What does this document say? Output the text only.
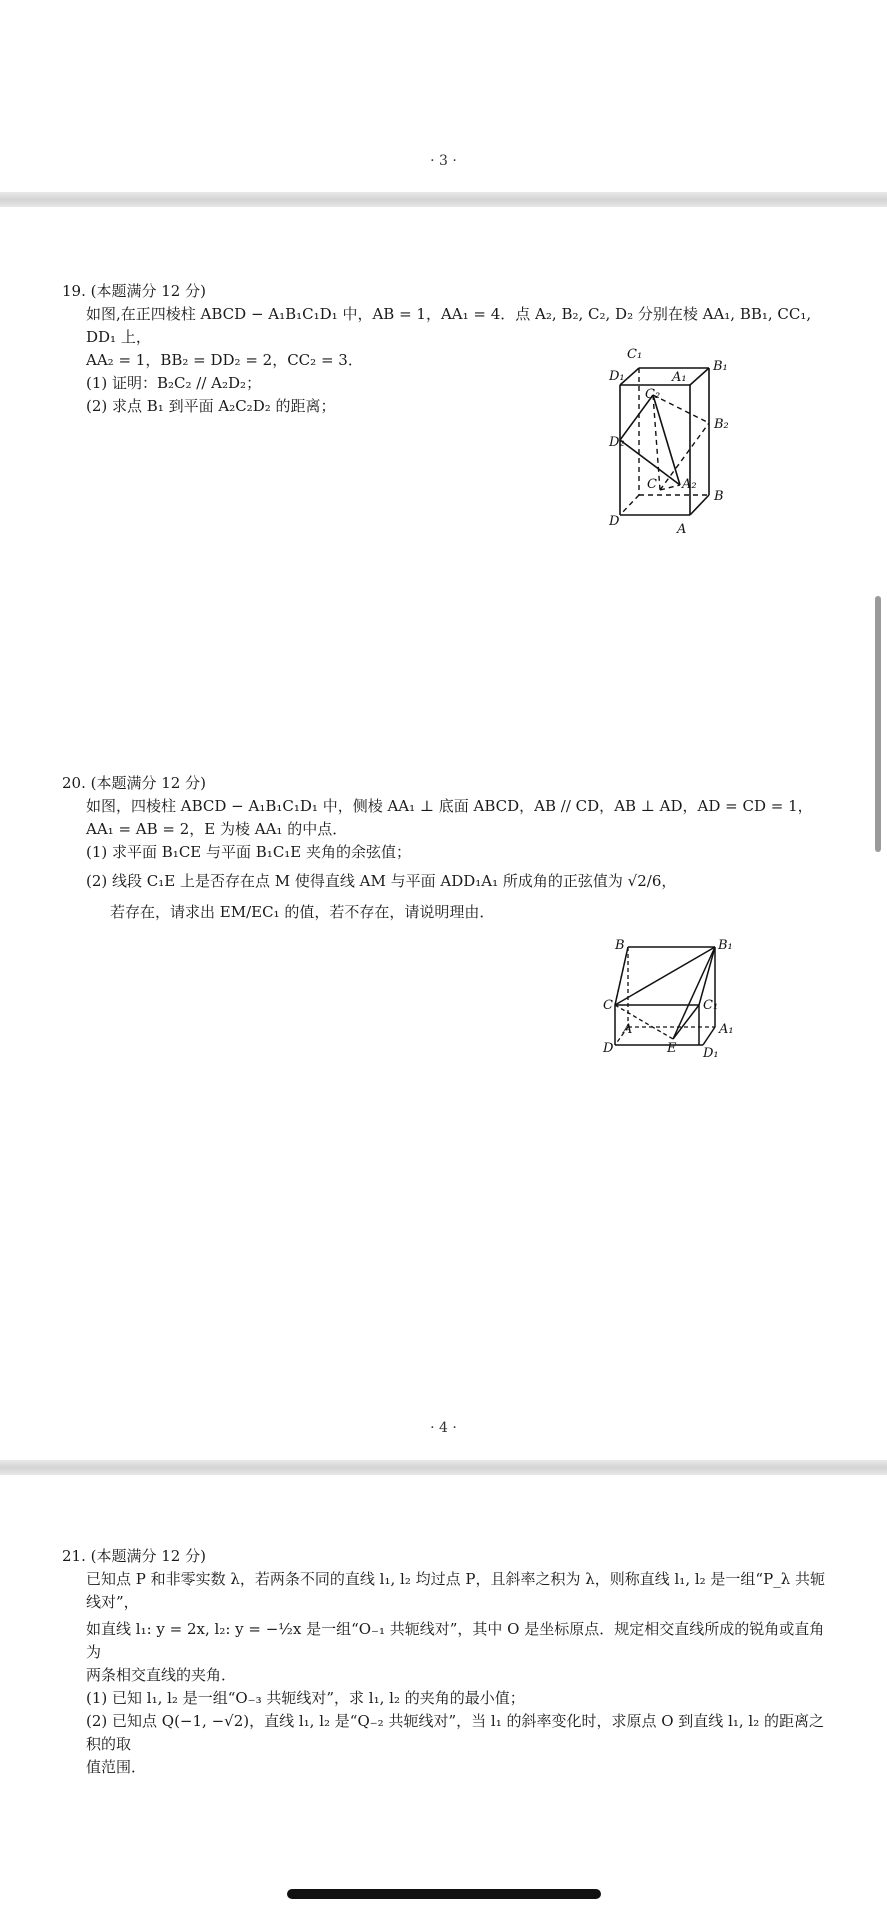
· 3 ·
19. (本题满分 12 分)
如图,在正四棱柱 ABCD − A₁B₁C₁D₁ 中，AB = 1，AA₁ = 4．点 A₂, B₂, C₂, D₂ 分别在棱 AA₁, BB₁, CC₁, DD₁ 上，
AA₂ = 1，BB₂ = DD₂ = 2，CC₂ = 3．
(1) 证明：B₂C₂ // A₂D₂；
(2) 求点 B₁ 到平面 A₂C₂D₂ 的距离；
C₁
B₁
D₁	A₁
C₂
B₂
D₂
C A₂
B
D
A
20. (本题满分 12 分)
如图，四棱柱 ABCD − A₁B₁C₁D₁ 中，侧棱 AA₁ ⊥ 底面 ABCD，AB // CD，AB ⊥ AD，AD = CD = 1，
AA₁ = AB = 2，E 为棱 AA₁ 的中点．
(1) 求平面 B₁CE 与平面 B₁C₁E 夹角的余弦值；
(2) 线段 C₁E 上是否存在点 M 使得直线 AM 与平面 ADD₁A₁ 所成角的正弦值为 √2/6，
若存在，请求出 EM/EC₁ 的值，若不存在，请说明理由．
B	B₁
C	C₁
A
E
A₁
D	D₁
· 4 ·
21. (本题满分 12 分)
已知点 P 和非零实数 λ，若两条不同的直线 l₁, l₂ 均过点 P，且斜率之积为 λ，则称直线 l₁, l₂ 是一组“P_λ 共轭线对”，
如直线 l₁: y = 2x, l₂: y = −½x 是一组“O₋₁ 共轭线对”，其中 O 是坐标原点．规定相交直线所成的锐角或直角为
两条相交直线的夹角．
(1) 已知 l₁, l₂ 是一组“O₋₃ 共轭线对”，求 l₁, l₂ 的夹角的最小值；
(2) 已知点 Q(−1, −√2)，直线 l₁, l₂ 是“Q₋₂ 共轭线对”，当 l₁ 的斜率变化时，求原点 O 到直线 l₁, l₂ 的距离之积的取
值范围．
